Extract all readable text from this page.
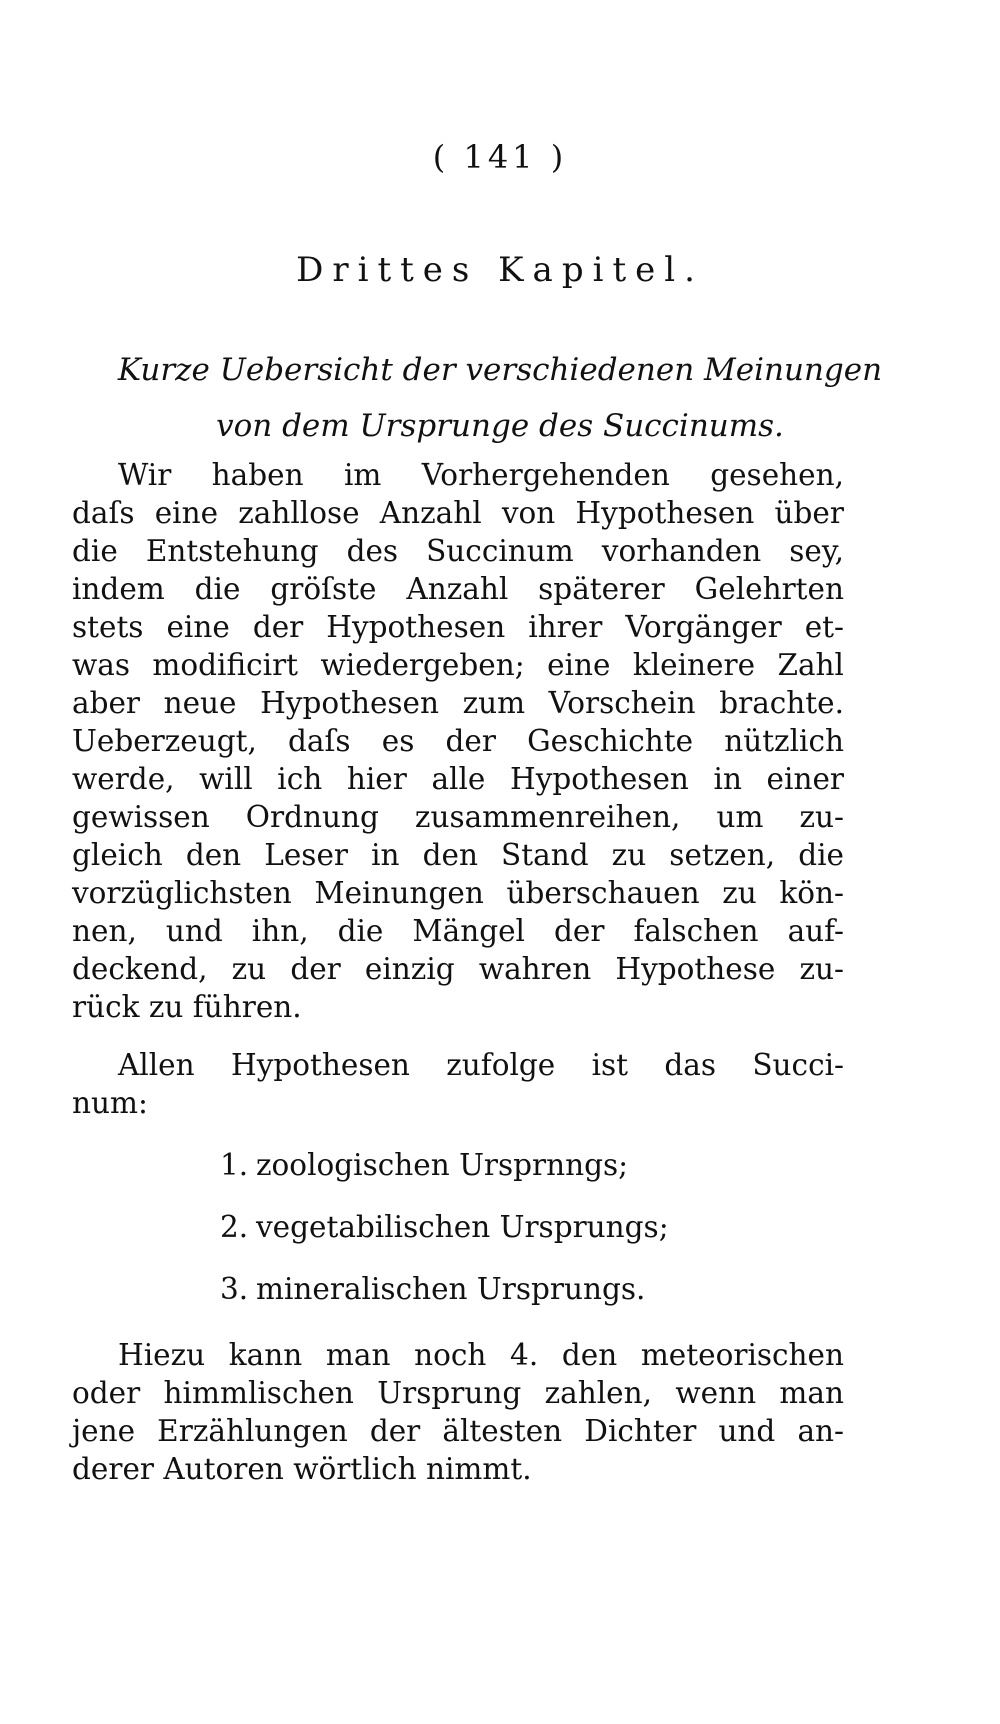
( 141 )
Drittes Kapitel.
Kurze Uebersicht der verschiedenen Meinungen
von dem Ursprunge des Succinums.
Wir haben im Vorhergehenden gesehen,
daſs eine zahllose Anzahl von Hypothesen über
die Entstehung des Succinum vorhanden sey,
indem die gröſste Anzahl späterer Gelehrten
stets eine der Hypothesen ihrer Vorgänger et-
was modificirt wiedergeben; eine kleinere Zahl
aber neue Hypothesen zum Vorschein brachte.
Ueberzeugt, daſs es der Geschichte nützlich
werde, will ich hier alle Hypothesen in einer
gewissen Ordnung zusammenreihen, um zu-
gleich den Leser in den Stand zu setzen, die
vorzüglichsten Meinungen überschauen zu kön-
nen, und ihn, die Mängel der falschen auf-
deckend, zu der einzig wahren Hypothese zu-
rück zu führen.
Allen Hypothesen zufolge ist das Succi-
num:
1. zoologischen Ursprnngs;
2. vegetabilischen Ursprungs;
3. mineralischen Ursprungs.
Hiezu kann man noch 4. den meteorischen
oder himmlischen Ursprung zahlen, wenn man
jene Erzählungen der ältesten Dichter und an-
derer Autoren wörtlich nimmt.
